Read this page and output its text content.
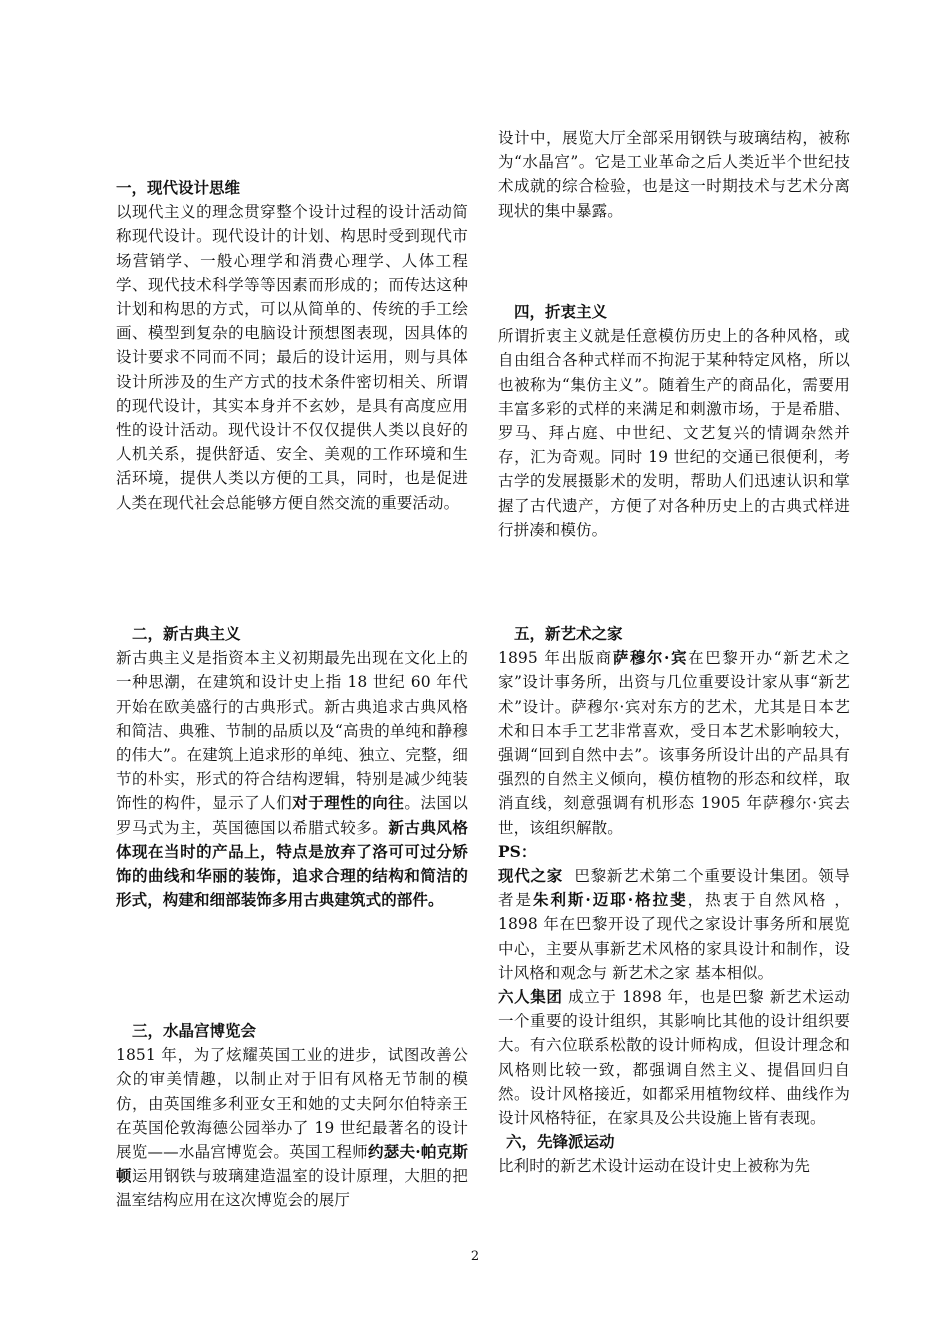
一，现代设计思维

以现代主义的理念贯穿整个设计过程的设计活动简称现代设计。现代设计的计划、构思时受到现代市场营销学、一般心理学和消费心理学、人体工程学、现代技术科学等等因素而形成的；而传达这种计划和构思的方式，可以从简单的、传统的手工绘画、模型到复杂的电脑设计预想图表现，因具体的设计要求不同而不同；最后的设计运用，则与具体设计所涉及的生产方式的技术条件密切相关、所谓的现代设计，其实本身并不玄妙，是具有高度应用性的设计活动。现代设计不仅仅提供人类以良好的人机关系，提供舒适、安全、美观的工作环境和生活环境，提供人类以方便的工具，同时，也是促进人类在现代社会总能够方便自然交流的重要活动。

二，新古典主义

新古典主义是指资本主义初期最先出现在文化上的一种思潮，在建筑和设计史上指 18 世纪 60 年代开始在欧美盛行的古典形式。新古典追求古典风格和简洁、典雅、节制的品质以及“高贵的单纯和静穆的伟大”。在建筑上追求形的单纯、独立、完整，细节的朴实，形式的符合结构逻辑，特别是减少纯装饰性的构件，显示了人们对于理性的向往。法国以罗马式为主，英国德国以希腊式较多。新古典风格体现在当时的产品上，特点是放弃了洛可可过分矫饰的曲线和华丽的装饰，追求合理的结构和简洁的形式，构建和细部装饰多用古典建筑式的部件。

三，水晶宫博览会

1851 年，为了炫耀英国工业的进步，试图改善公众的审美情趣，以制止对于旧有风格无节制的模仿，由英国维多利亚女王和她的丈夫阿尔伯特亲王在英国伦敦海德公园举办了 19 世纪最著名的设计展览——水晶宫博览会。英国工程师约瑟夫·帕克斯顿运用钢铁与玻璃建造温室的设计原理，大胆的把温室结构应用在这次博览会的展厅

设计中，展览大厅全部采用钢铁与玻璃结构，被称为“水晶宫”。它是工业革命之后人类近半个世纪技术成就的综合检验，也是这一时期技术与艺术分离现状的集中暴露。

四，折衷主义

所谓折衷主义就是任意模仿历史上的各种风格，或自由组合各种式样而不拘泥于某种特定风格，所以也被称为“集仿主义”。随着生产的商品化，需要用丰富多彩的式样的来满足和刺激市场，于是希腊、罗马、拜占庭、中世纪、文艺复兴的情调杂然并存，汇为奇观。同时 19 世纪的交通已很便利，考古学的发展摄影术的发明，帮助人们迅速认识和掌握了古代遗产，方便了对各种历史上的古典式样进行拼凑和模仿。

五，新艺术之家

1895 年出版商萨穆尔·宾在巴黎开办“新艺术之家”设计事务所，出资与几位重要设计家从事“新艺术”设计。萨穆尔·宾对东方的艺术，尤其是日本艺术和日本手工艺非常喜欢，受日本艺术影响较大，强调“回到自然中去”。该事务所设计出的产品具有强烈的自然主义倾向，模仿植物的形态和纹样，取消直线，刻意强调有机形态 1905 年萨穆尔·宾去世，该组织解散。

PS：

现代之家  巴黎新艺术第二个重要设计集团。领导者是朱利斯·迈耶·格拉斐，热衷于自然风格 ，1898 年在巴黎开设了现代之家设计事务所和展览中心，主要从事新艺术风格的家具设计和制作，设计风格和观念与 新艺术之家 基本相似。

六人集团 成立于 1898 年，也是巴黎 新艺术运动 一个重要的设计组织，其影响比其他的设计组织要大。有六位联系松散的设计师构成，但设计理念和风格则比较一致，都强调自然主义、提倡回归自然。设计风格接近，如都采用植物纹样、曲线作为设计风格特征，在家具及公共设施上皆有表现。

六，先锋派运动

比利时的新艺术设计运动在设计史上被称为先

2
